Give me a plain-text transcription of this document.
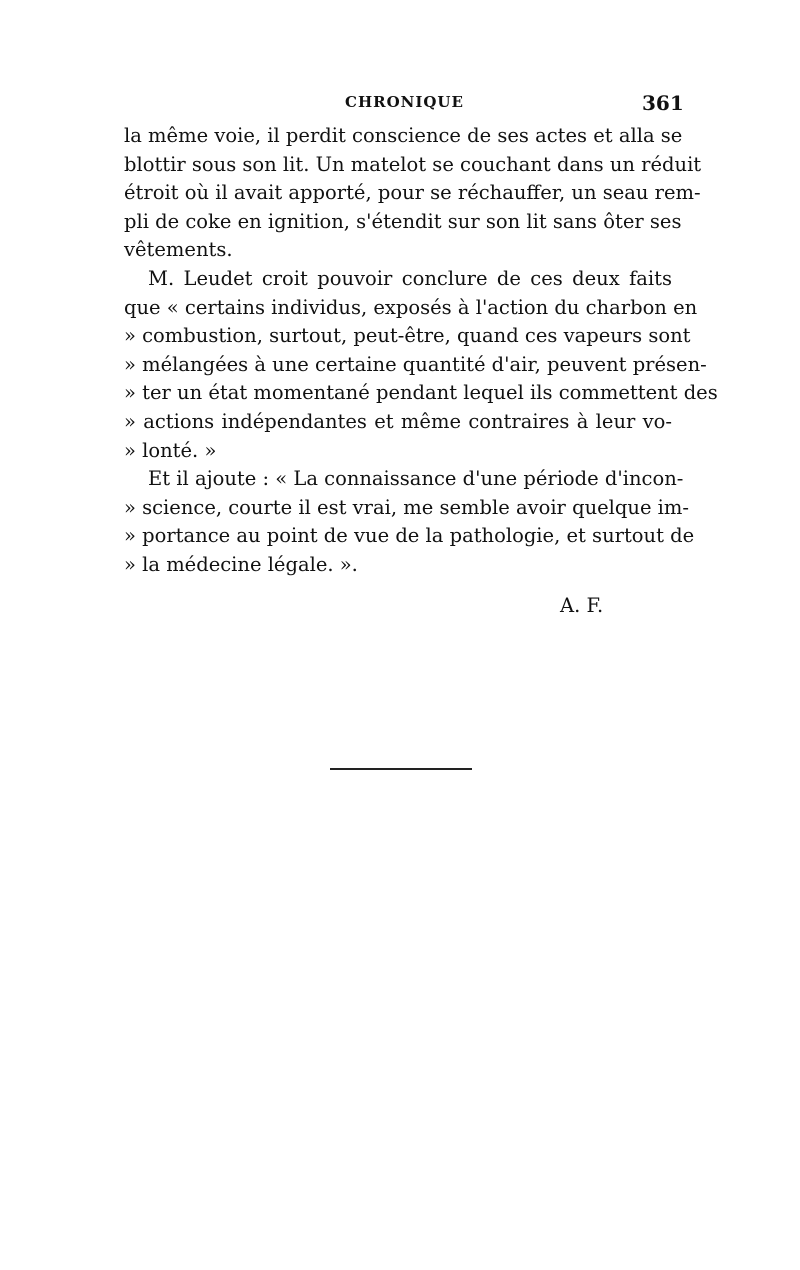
CHRONIQUE	361
la même voie, il perdit conscience de ses actes et alla se
blottir sous son lit. Un matelot se couchant dans un réduit
étroit où il avait apporté, pour se réchauffer, un seau rem-
pli de coke en ignition, s'étendit sur son lit sans ôter ses
vêtements.
M. Leudet croit pouvoir conclure de ces deux faits
que « certains individus, exposés à l'action du charbon en
» combustion, surtout, peut-être, quand ces vapeurs sont
» mélangées à une certaine quantité d'air, peuvent présen-
» ter un état momentané pendant lequel ils commettent des
» actions indépendantes et même contraires à leur vo-
» lonté. »
Et il ajoute : « La connaissance d'une période d'incon-
» science, courte il est vrai, me semble avoir quelque im-
» portance au point de vue de la pathologie, et surtout de
» la médecine légale. ».
A. F.
